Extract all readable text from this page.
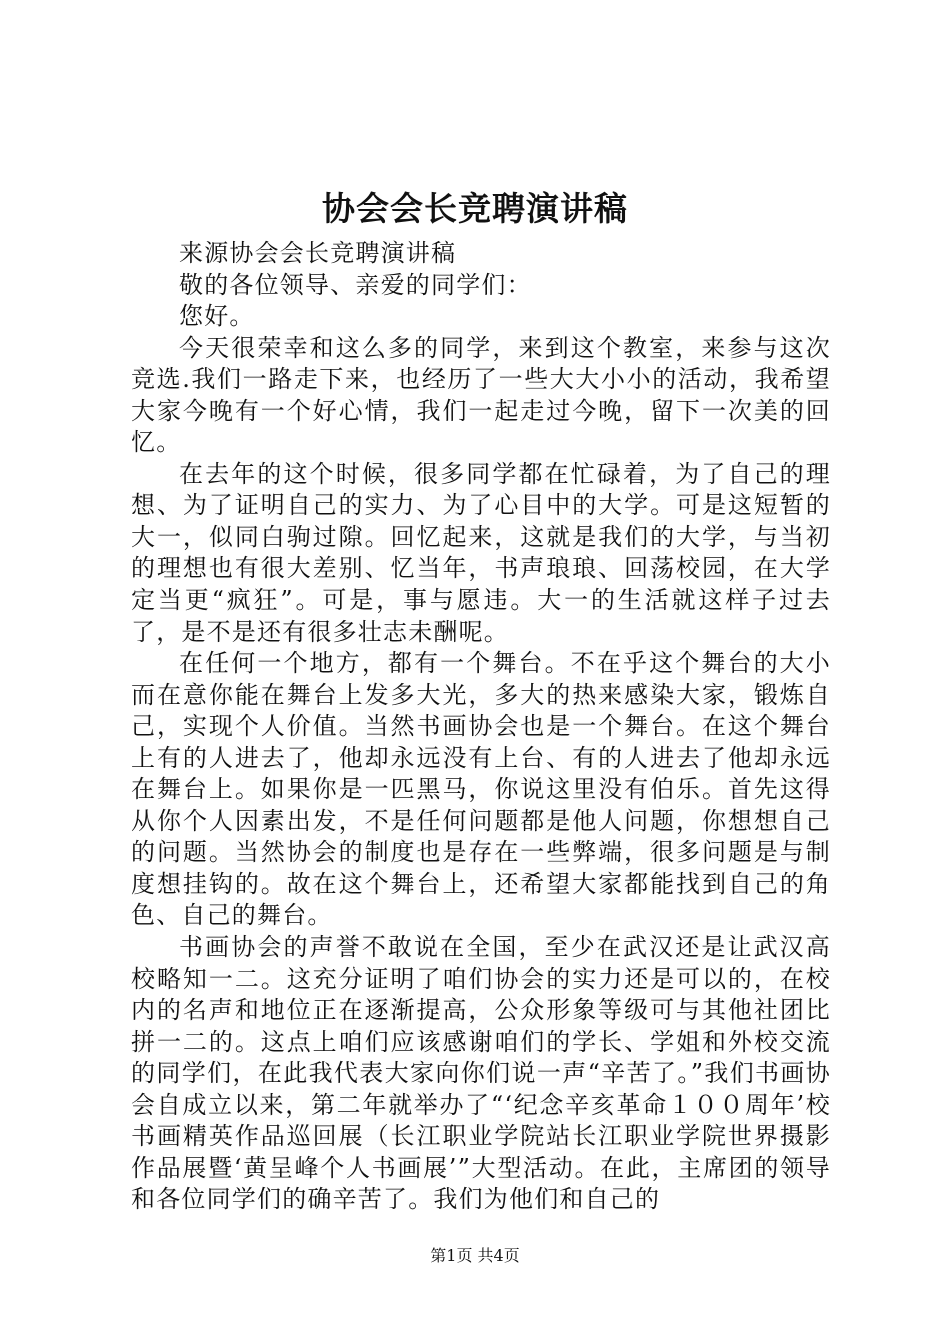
协会会长竞聘演讲稿

来源协会会长竞聘演讲稿

敬的各位领导、亲爱的同学们：

您好。

今天很荣幸和这么多的同学，来到这个教室，来参与这次竞选.我们一路走下来，也经历了一些大大小小的活动，我希望大家今晚有一个好心情，我们一起走过今晚，留下一次美的回忆。

在去年的这个时候，很多同学都在忙碌着，为了自己的理想、为了证明自己的实力、为了心目中的大学。可是这短暂的大一，似同白驹过隙。回忆起来，这就是我们的大学，与当初的理想也有很大差别、忆当年，书声琅琅、回荡校园，在大学定当更“疯狂”。可是，事与愿违。大一的生活就这样子过去了，是不是还有很多壮志未酬呢。

在任何一个地方，都有一个舞台。不在乎这个舞台的大小而在意你能在舞台上发多大光，多大的热来感染大家，锻炼自己，实现个人价值。当然书画协会也是一个舞台。在这个舞台上有的人进去了，他却永远没有上台、有的人进去了他却永远在舞台上。如果你是一匹黑马，你说这里没有伯乐。首先这得从你个人因素出发，不是任何问题都是他人问题，你想想自己的问题。当然协会的制度也是存在一些弊端，很多问题是与制度想挂钩的。故在这个舞台上，还希望大家都能找到自己的角色、自己的舞台。

书画协会的声誉不敢说在全国，至少在武汉还是让武汉高校略知一二。这充分证明了咱们协会的实力还是可以的，在校内的名声和地位正在逐渐提高，公众形象等级可与其他社团比拼一二的。这点上咱们应该感谢咱们的学长、学姐和外校交流的同学们，在此我代表大家向你们说一声“辛苦了。”我们书画协会自成立以来，第二年就举办了“‘纪念辛亥革命１００周年’校书画精英作品巡回展（长江职业学院站长江职业学院世界摄影作品展暨‘黄呈峰个人书画展’”大型活动。在此，主席团的领导和各位同学们的确辛苦了。我们为他们和自己的

第1页 共4页
